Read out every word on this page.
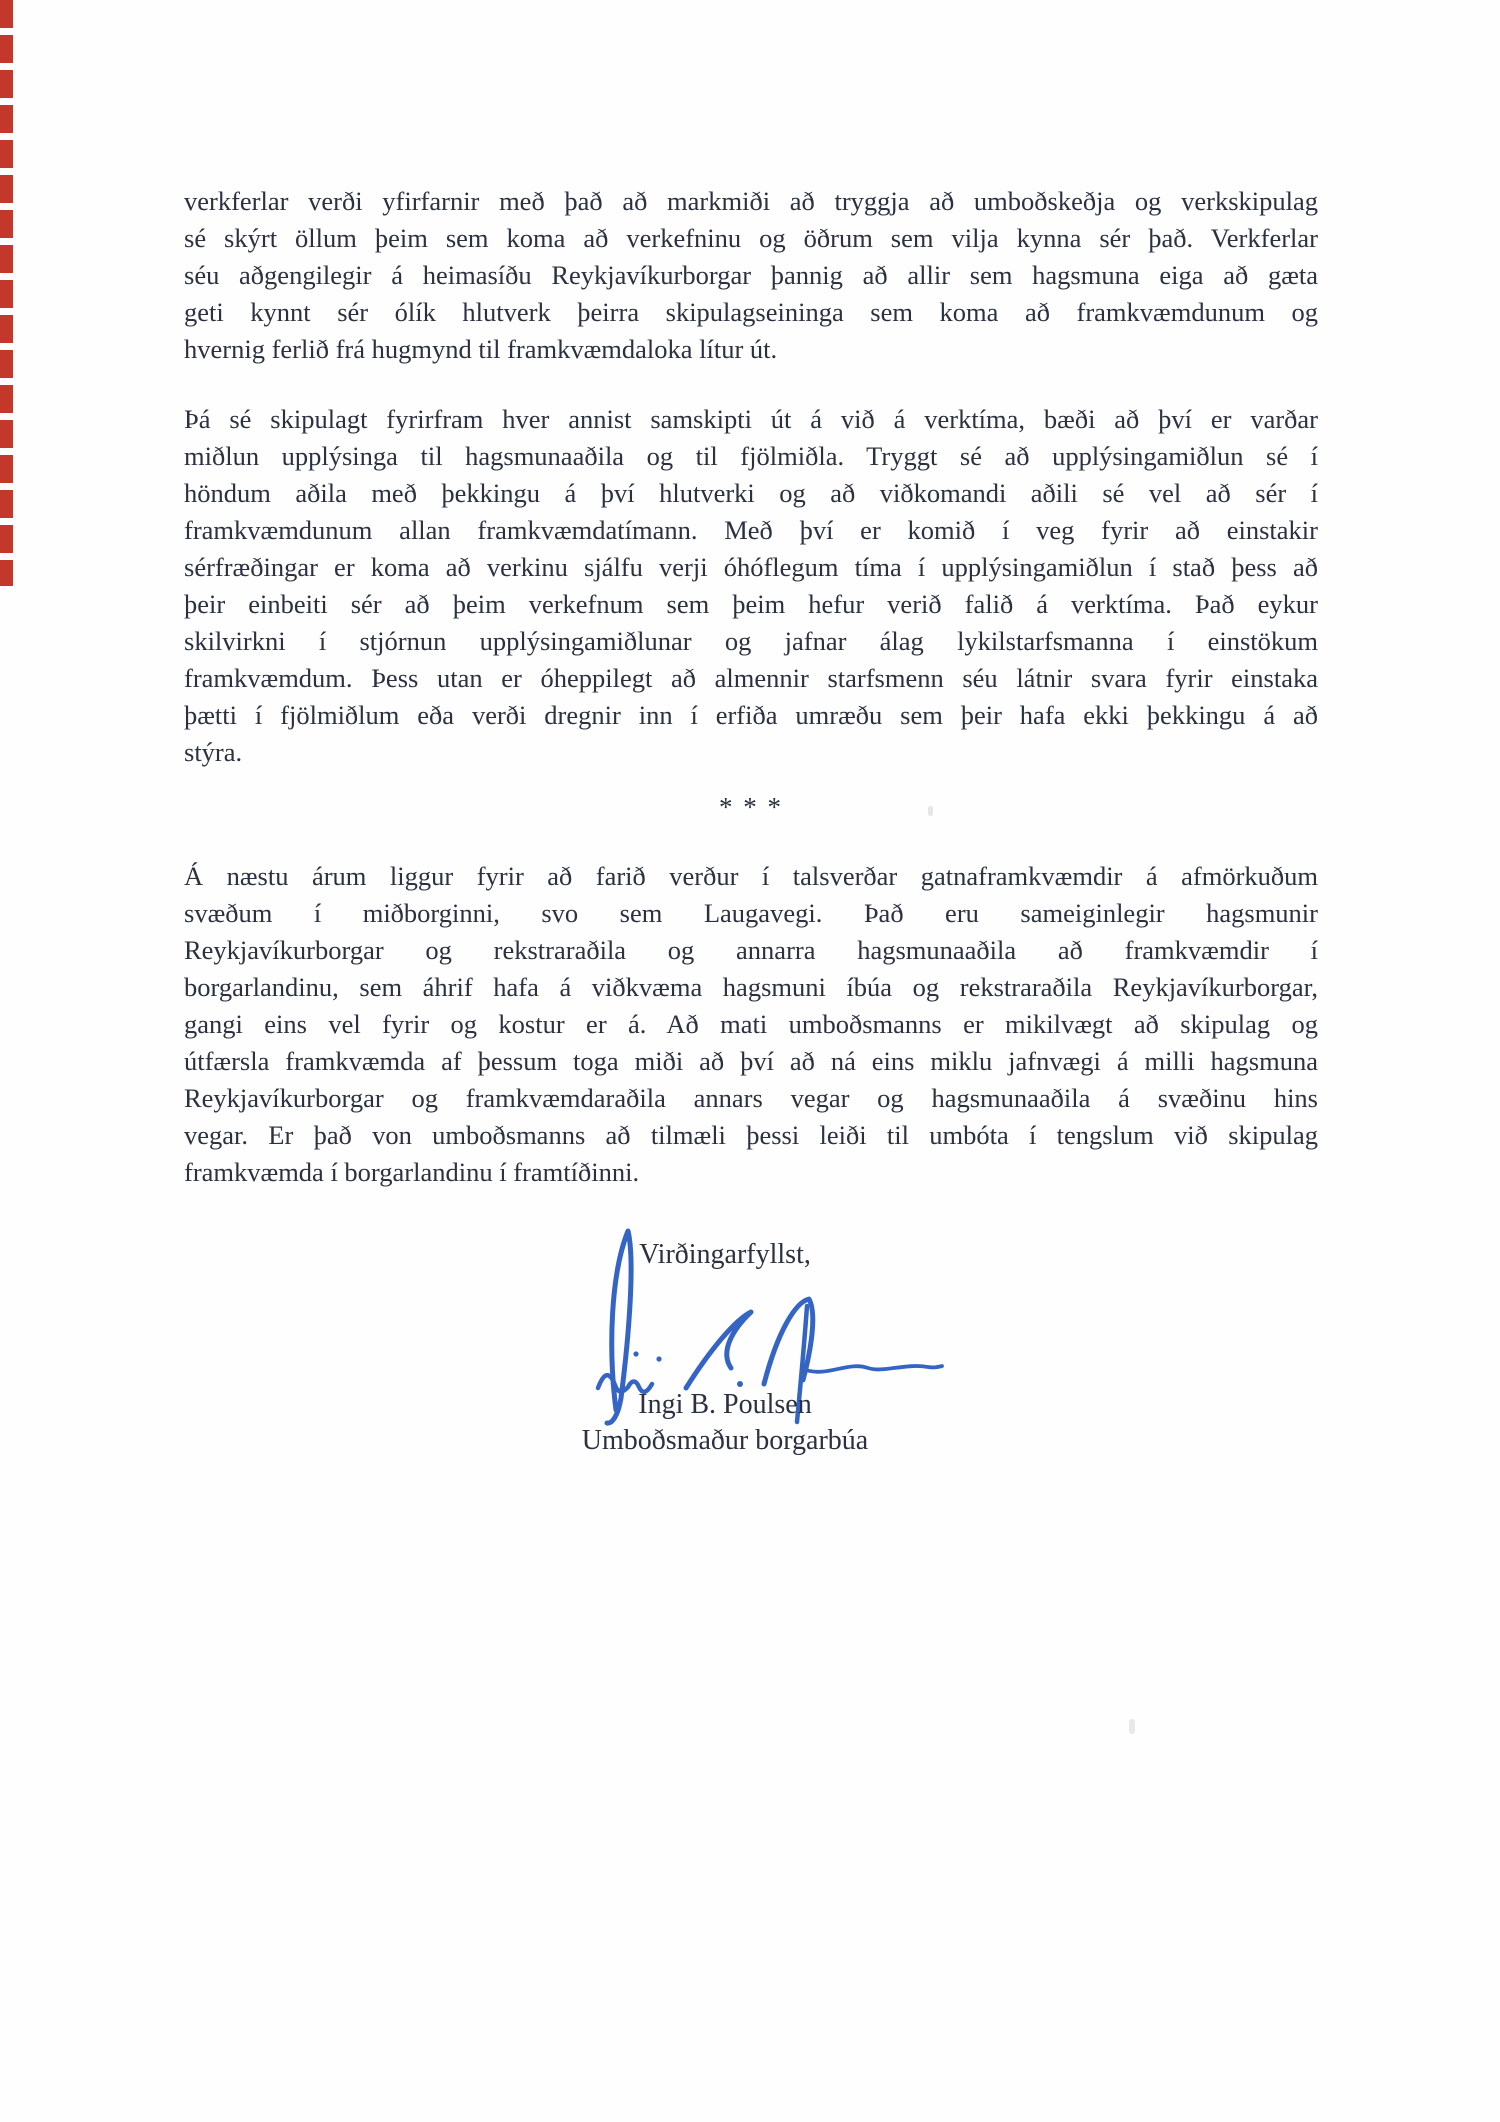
verkferlar verði yfirfarnir með það að markmiði að tryggja að umboðskeðja og verkskipulag
sé skýrt öllum þeim sem koma að verkefninu og öðrum sem vilja kynna sér það. Verkferlar
séu aðgengilegir á heimasíðu Reykjavíkurborgar þannig að allir sem hagsmuna eiga að gæta
geti kynnt sér ólík hlutverk þeirra skipulagseininga sem koma að framkvæmdunum og
hvernig ferlið frá hugmynd til framkvæmdaloka lítur út.
Þá sé skipulagt fyrirfram hver annist samskipti út á við á verktíma, bæði að því er varðar
miðlun upplýsinga til hagsmunaaðila og til fjölmiðla. Tryggt sé að upplýsingamiðlun sé í
höndum aðila með þekkingu á því hlutverki og að viðkomandi aðili sé vel að sér í
framkvæmdunum allan framkvæmdatímann. Með því er komið í veg fyrir að einstakir
sérfræðingar er koma að verkinu sjálfu verji óhóflegum tíma í upplýsingamiðlun í stað þess að
þeir einbeiti sér að þeim verkefnum sem þeim hefur verið falið á verktíma. Það eykur
skilvirkni í stjórnun upplýsingamiðlunar og jafnar álag lykilstarfsmanna í einstökum
framkvæmdum. Þess utan er óheppilegt að almennir starfsmenn séu látnir svara fyrir einstaka
þætti í fjölmiðlum eða verði dregnir inn í erfiða umræðu sem þeir hafa ekki þekkingu á að
stýra.
* * *
Á næstu árum liggur fyrir að farið verður í talsverðar gatnaframkvæmdir á afmörkuðum
svæðum í miðborginni, svo sem Laugavegi. Það eru sameiginlegir hagsmunir
Reykjavíkurborgar og rekstraraðila og annarra hagsmunaaðila að framkvæmdir í
borgarlandinu, sem áhrif hafa á viðkvæma hagsmuni íbúa og rekstraraðila Reykjavíkurborgar,
gangi eins vel fyrir og kostur er á. Að mati umboðsmanns er mikilvægt að skipulag og
útfærsla framkvæmda af þessum toga miði að því að ná eins miklu jafnvægi á milli hagsmuna
Reykjavíkurborgar og framkvæmdaraðila annars vegar og hagsmunaaðila á svæðinu hins
vegar. Er það von umboðsmanns að tilmæli þessi leiði til umbóta í tengslum við skipulag
framkvæmda í borgarlandinu í framtíðinni.
Virðingarfyllst,
Ingi B. Poulsen
Umboðsmaður borgarbúa
